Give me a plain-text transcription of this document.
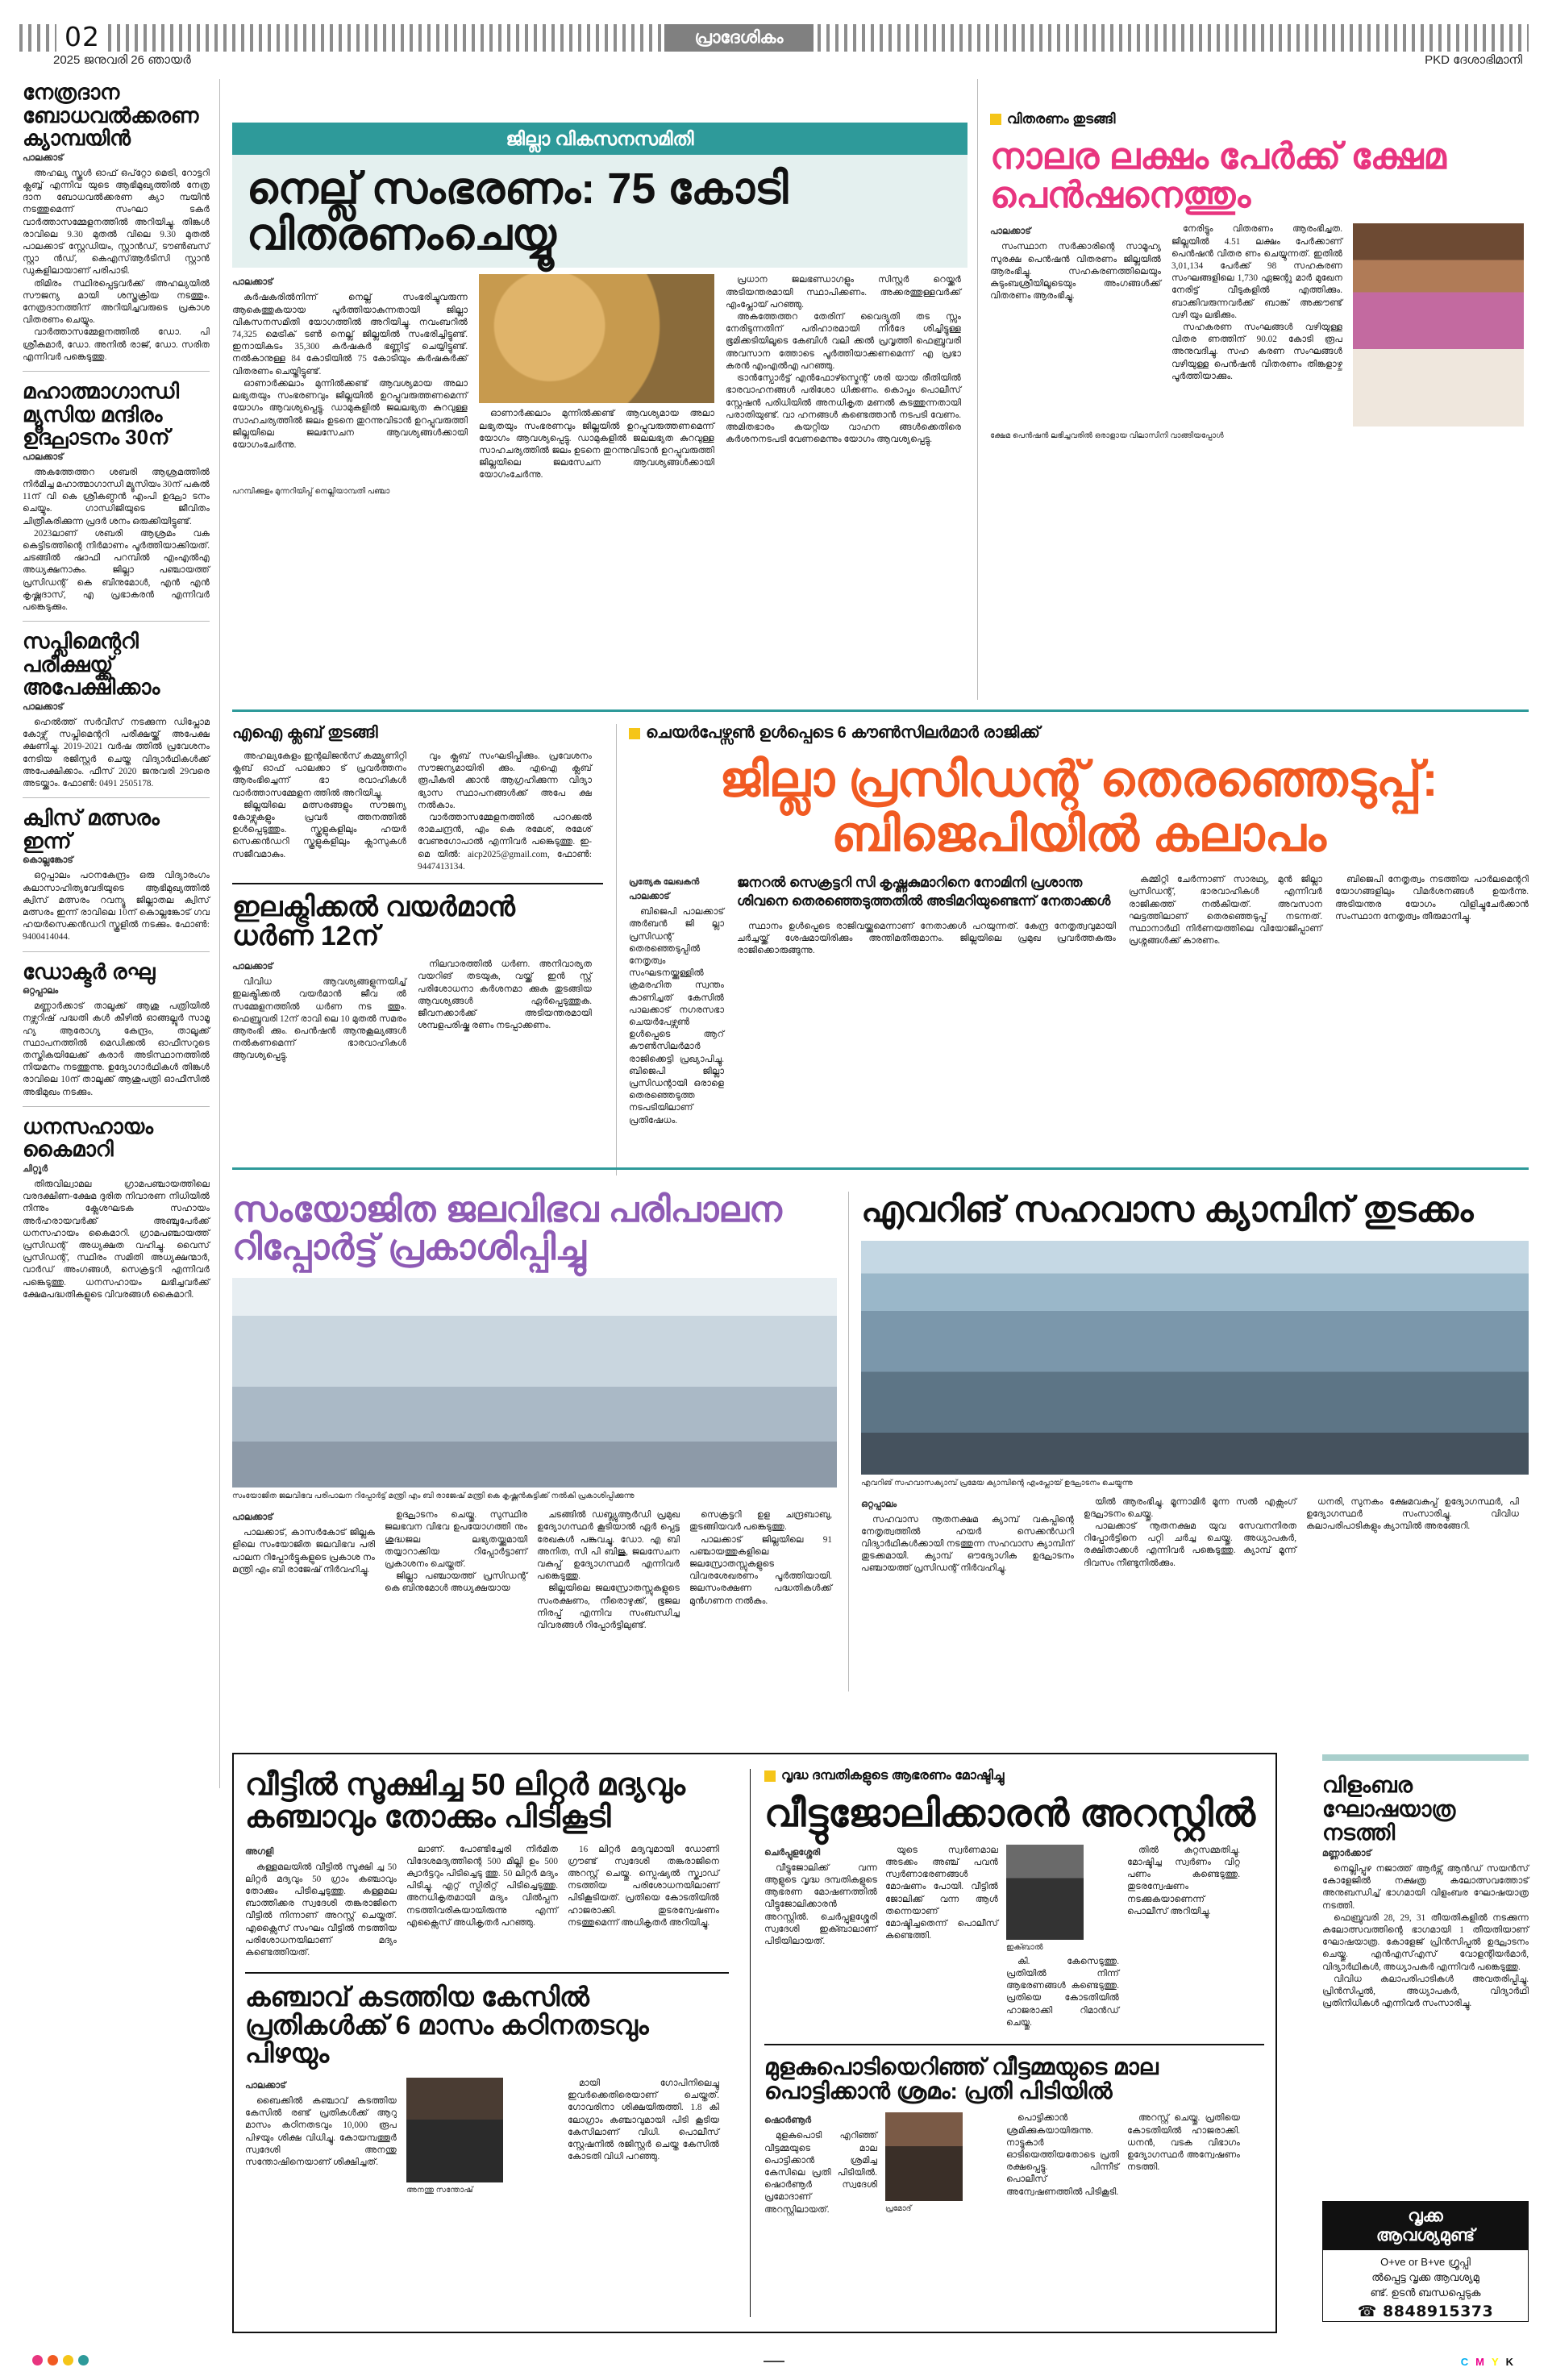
02	പ്രാദേശികം
2025 ജനുവരി 26 ഞായർ	PKD ദേശാഭിമാനി
നേത്രദാന ബോധവൽക്കരണ ക്യാമ്പയിൻ
പാലക്കാട്

അഹല്യ സ്കൂൾ ഓഫ് ഒപ്‌റ്റോ മെട്രി, റോട്ടറി ക്ലബ്ബ് എന്നിവ യുടെ ആഭിമുഖ്യത്തിൽ നേത്ര ദാന ബോധവൽക്കരണ ക്യാ മ്പയിൻ നടത്തുമെന്ന് സംഘാ ടകർ വാർത്താസമ്മേളനത്തിൽ അറിയിച്ചു. തിങ്കൾ രാവിലെ 9.30 മുതൽ വിലെ 9.30 മുതൽ പാലക്കാട് സ്റ്റേഡിയം, സ്റ്റാൻഡ്, ടൗൺബസ് സ്റ്റാ ൻഡ്, കെഎസ്ആർടിസി സ്റ്റാൻ ഡുകളിലായാണ് പരിപാടി.

തിമിരം സ്ഥിരപ്പെട്ടവർക്ക് അഹല്യയിൽ സൗജന്യ മായി ശസ്ത്രക്രിയ നടത്തും. നേത്രദാനത്തിന് അറിയിച്ചവരുടെ പ്രകാശ വിതരണം ചെയ്യും.

വാർത്താസമ്മേളനത്തിൽ ഡോ. പി ശ്രീകുമാർ, ഡോ. അനിൽ രാജ്, ഡോ. സരിത എന്നിവർ പങ്കെടുത്തു.

മഹാത്മാഗാന്ധി മ്യൂസിയ മന്ദിരം ഉദ്ഘാടനം 30ന്
പാലക്കാട്

അകത്തേത്തറ ശബരി ആശ്രമത്തിൽ നിർമിച്ച മഹാത്മാഗാന്ധി മ്യൂസിയം 30ന് പകൽ 11ന് വി കെ ശ്രീകണ്ഠൻ എംപി ഉദ്ഘാ ടനം ചെയ്യും. ഗാന്ധിജിയുടെ ജീവിതം ചിത്രീകരിക്കുന്ന പ്രദർ ശനം ഒരുക്കിയിട്ടുണ്ട്.

2023ലാണ് ശബരി ആശ്രമം വക കെട്ടിടത്തിന്റെ നിർമാണം പൂർത്തിയാക്കിയത്. ചടങ്ങിൽ ഷാഫി പറമ്പിൽ എംഎൽഎ അധ്യക്ഷനാകും. ജില്ലാ പഞ്ചായത്ത് പ്രസിഡന്റ് കെ ബിനുമോൾ, എൻ എൻ കൃഷ്ണദാസ്, എ പ്രഭാകരൻ എന്നിവർ പങ്കെടുക്കും.

സപ്ലിമെന്ററി പരീക്ഷയ്ക്ക് അപേക്ഷിക്കാം
പാലക്കാട്

ഹെൽത്ത് സർവീസ് നടക്കുന്ന ഡിപ്ലോമ കോഴ്സ് സപ്ലിമെന്ററി പരീക്ഷയ്ക്ക് അപേക്ഷ ക്ഷണിച്ചു. 2019-2021 വർഷ ത്തിൽ പ്രവേശനം നേടിയ രജിസ്റ്റർ ചെയ്ത വിദ്യാർഥികൾക്ക് അപേക്ഷിക്കാം. ഫീസ് 2020 ജനുവരി 29വരെ അടയ്ക്കാം. ഫോൺ: 0491 2505178.

ക്വിസ് മത്സരം ഇന്ന്
കൊല്ലങ്കോട്

ഒറ്റപ്പാലം പഠനകേന്ദ്രം ഒരു വിദ്യാരംഗം കലാസാഹിത്യവേദിയുടെ ആഭിമുഖ്യത്തിൽ ക്വിസ് മത്സരം റവന്യൂ ജില്ലാതല ക്വിസ് മത്സരം ഇന്ന് രാവിലെ 10ന് കൊല്ലങ്കോട് ഗവ ഹയർസെക്കൻഡറി സ്കൂളിൽ നടക്കും. ഫോൺ: 9400414044.

ഡോക്ടർ രഘു
ഒറ്റപ്പാലം

മണ്ണാർക്കാട് താലൂക്ക് ആശു പത്രിയിൽ നഴ്സറിഷ് പദ്ധതി കൾ കീഴിൽ ഓങ്ങല്ലൂർ സാമൂ ഹ്യ ആരോഗ്യ കേന്ദ്രം, താലൂക്ക് സ്ഥാപനത്തിൽ മെഡിക്കൽ ഓഫീസറുടെ തസ്തികയിലേക്ക് കരാർ അടിസ്ഥാനത്തിൽ നിയമനം നടത്തുന്നു. ഉദ്യോഗാർഥികൾ തിങ്കൾ രാവിലെ 10ന് താലൂക്ക് ആശുപത്രി ഓഫീസിൽ അഭിമുഖം നടക്കും.

ധനസഹായം കൈമാറി
ചിറ്റൂർ

തിരുവില്വാമല ഗ്രാമപഞ്ചായത്തിലെ വരദക്ഷിണ-ക്ഷേമ ദുരിത നിവാരണ നിധിയിൽ നിന്നും ക്ലേശഘടക സഹായം അർഹരായവർക്ക് അഞ്ചുപേർക്ക് ധനസഹായം കൈമാറി. ഗ്രാമപഞ്ചായത്ത് പ്രസിഡന്റ് അധ്യക്ഷത വഹിച്ചു. വൈസ് പ്രസിഡന്റ്, സ്ഥിരം സമിതി അധ്യക്ഷന്മാർ, വാർഡ് അംഗങ്ങൾ, സെക്രട്ടറി എന്നിവർ പങ്കെടുത്തു. ധനസഹായം ലഭിച്ചവർക്ക് ക്ഷേമപദ്ധതികളുടെ വിവരങ്ങൾ കൈമാറി.

ജില്ലാ വികസനസമിതി
നെല്ല് സംഭരണം: 75 കോടി വിതരണംചെയ്യൂ
പാലക്കാട്

കർഷകരിൽനിന്ന് നെല്ല് സംഭരിച്ചുവരുന്ന ആകെത്തുകയായ പൂർത്തിയാകുന്നതായി ജില്ലാ വികസനസമിതി യോഗത്തിൽ അറിയിച്ചു. നവംബറിൽ 74,325 മെട്രിക് ടൺ നെല്ല് ജില്ലയിൽ സംഭരിച്ചിട്ടുണ്ട്. ഇനായികടം 35,300 കർഷകർ ഭണ്ണിട്ട് ചെയ്യിട്ടുണ്ട്. നൽകാനുള്ള 84 കോടിയിൽ 75 കോടിയും കർഷകർക്ക് വിതരണം ചെയ്തിട്ടുണ്ട്.

ഓണാർക്കലാം മുന്നിൽക്കണ്ട് ആവശ്യമായ അലാ ലഭ്യതയും സംഭരണവും ജില്ലയിൽ ഉറപ്പുവരുത്തണമെന്ന് യോഗം ആവശ്യപ്പെട്ടു. ഡാമുകളിൽ ജലലഭ്യത കുറവുള്ള സാഹചര്യത്തിൽ ജലം ഉടനെ തുറന്നുവിടാൻ ഉറപ്പുവരുത്തി ജില്ലയിലെ ജലസേചന ആവശ്യങ്ങൾക്കായി യോഗംചേർന്നു.

ഓണാർക്കലാം മുന്നിൽക്കണ്ട് ആവശ്യമായ അലാ ലഭ്യതയും സംഭരണവും ജില്ലയിൽ ഉറപ്പുവരുത്തണമെന്ന് യോഗം ആവശ്യപ്പെട്ടു. ഡാമുകളിൽ ജലലഭ്യത കുറവുള്ള സാഹചര്യത്തിൽ ജലം ഉടനെ തുറന്നുവിടാൻ ഉറപ്പുവരുത്തി ജില്ലയിലെ ജലസേചന ആവശ്യങ്ങൾക്കായി യോഗംചേർന്നു.

പ്രധാന ജലഭണ്ഡാഗളും സിസ്റ്റർ റെയ്ക്കർ അടിയന്തരമായി സ്ഥാപിക്കണം. അക്കരത്തുള്ളവർക്ക് എംപ്ലോയ് പറഞ്ഞു.

അകത്തേത്തറ തേരിന് വൈദ്യുതി തട സ്സം നേരിടുന്നതിന് പരിഹാരമായി നിർദേ ശിച്ചിട്ടുള്ള ഭൂമിക്കടിയിലൂടെ കേബിൾ വലി ക്കൽ പ്രവൃത്തി ഫെബ്രുവരി അവസാന ത്തോടെ പൂർത്തിയാക്കണമെന്ന് എ പ്രഭാ കരൻ എംഎൽഎ പറഞ്ഞു.

ട്രാൻസ്പോർട്ട് എൻഫോഴ്സ്മെന്റ് ശരി യായ രീതിയിൽ ഭാരവാഹനങ്ങൾ പരിശോ ധിക്കണം. കൊപ്പം പൊലീസ് സ്റ്റേഷൻ പരിധിയിൽ അനധികൃത മണൽ കടത്തുന്നതായി പരാതിയുണ്ട്. വാ ഹനങ്ങൾ കണ്ടെത്താൻ നടപടി വേണം. അമിതഭാരം കയറ്റിയ വാഹന ങ്ങൾക്കെതിരെ കർശനനടപടി വേണമെന്നും യോഗം ആവശ്യപ്പെട്ടു.

പറമ്പിക്കുളം മുന്നറിയിപ്പ് നെല്ലിയാമ്പതി പഞ്ചാ
വിതരണം തുടങ്ങി
നാലര ലക്ഷം പേർക്ക് ക്ഷേമ പെൻഷനെത്തും
പാലക്കാട്

സംസ്ഥാന സർക്കാരിന്റെ സാമൂഹ്യ സുരക്ഷ പെൻഷൻ വിതരണം ജില്ലയിൽ ആരംഭിച്ചു. സഹകരണത്തിലെയും കുടുംബശ്രീയിലൂടെയും അംഗങ്ങൾക്ക് വിതരണം ആരംഭിച്ചു.

നേരിട്ടും വിതരണം ആരംഭിച്ചത. ജില്ലയിൽ 4.51 ലക്ഷം പേർക്കാണ് പെൻഷൻ വിതര ണം ചെയ്യുന്നത്. ഇതിൽ 3,01,134 പേർക്ക് 98 സഹകരണ സംഘങ്ങളിലെ 1,730 ഏജന്റു മാർ മുഖേന നേരിട്ട് വീടുകളിൽ എത്തിക്കും. ബാക്കിവരുന്നവർക്ക് ബാങ്ക് അക്കൗണ്ട് വഴി യും ലഭിക്കും.

സഹകരണ സംഘങ്ങൾ വഴിയുള്ള വിതര ണത്തിന് 90.02 കോടി രൂപ അനുവദിച്ചു. സഹ കരണ സംഘങ്ങൾ വഴിയുള്ള പെൻഷൻ വിതരണം തിങ്കളാഴ്ച പൂർത്തിയാക്കും.

ക്ഷേമ പെൻഷൻ ലഭിച്ചവരിൽ ഒരാളായ വിലാസിനി വാങ്ങിയപ്പോൾ
എഐ ക്ലബ് തുടങ്ങി

അഹല്യകേളം ഇന്റലിജൻസ് കമ്മ്യൂണിറ്റി ക്ലബ് ഓഫ് പാലക്കാ ട് പ്രവർത്തനം ആരംഭിച്ചെന്ന് ഭാ രവാഹികൾ വാർത്താസമ്മേളന ത്തിൽ അറിയിച്ചു.

ജില്ലയിലെ മത്സരങ്ങളും സൗജന്യ കോഴ്സുകളും പ്രവർ ത്തനത്തിൽ ഉൾപ്പെടുത്തും. സ്കൂളുകളിലും ഹയർ സെക്കൻഡറി സ്കൂളുകളിലും ക്ലാസുകൾ സജീവമാകും.

വും ക്ലബ് സംഘടിപ്പിക്കും. പ്രവേശനം സൗജന്യമായിരി ക്കും. എഐ ക്ലബ് രൂപീകരി ക്കാൻ ആഗ്രഹിക്കുന്ന വിദ്യാ ഭ്യാസ സ്ഥാപനങ്ങൾക്ക് അപേ ക്ഷ നൽകാം.

വാർത്താസമ്മേളനത്തിൽ പാറക്കൽ രാമചന്ദ്രൻ, എം കെ രമേശ്, രമേശ് വേണുഗോപാൽ എന്നിവർ പങ്കെടുത്തു. ഇ-മെ യിൽ: aicp2025@gmail.com, ഫോൺ: 9447413134.

ഇലക്ട്രിക്കൽ വയർമാൻ ധർണ 12ന്
പാലക്കാട്

വിവിധ ആവശ്യങ്ങളുന്നയിച്ച് ഇലക്ട്രിക്കൽ വയർമാൻ ജീവ ൽ സമ്മേളനത്തിൽ ധർണ നട ത്തും. ഫെബ്രുവരി 12ന് രാവി ലെ 10 മുതൽ സമരം ആരംഭി ക്കും. പെൻഷൻ ആനുകൂല്യങ്ങൾ നൽകണമെന്ന് ഭാരവാഹികൾ ആവശ്യപ്പെട്ടു.

നിലവാരത്തിൽ ധർണ. അനിവാര്യത വയറിങ് തടയുക, വയ്ക്ക് ഇൻ സ്റ്റ് പരിശോധനാ കർശനമാ ക്കുക തുടങ്ങിയ ആവശ്യങ്ങൾ ഏർപ്പെടുത്തുക. ജീവനക്കാർക്ക് അടിയന്തരമായി ശമ്പളപരിഷ്ക രണം നടപ്പാക്കണം.

ചെയർപേഴ്സൺ ഉൾപ്പെടെ 6 കൗൺസിലർമാർ രാജിക്ക്
ജില്ലാ പ്രസിഡന്റ് തെരഞ്ഞെടുപ്പ്:
ബിജെപിയിൽ കലാപം
പ്രത്യേക ലേഖകൻ
പാലക്കാട്

ബിജെപി പാലക്കാട് അർബൻ ജി ല്ലാ പ്രസിഡന്റ് തെരഞ്ഞെടുപ്പിൽ നേതൃത്വം സംഘടനയ്ക്കുള്ളിൽ ക്രമരഹിത സ്വന്തം കാണിച്ചത് കേസിൽ പാലക്കാട് നഗരസഭാ ചെയർപേഴ്സൺ ഉൾപ്പെടെ ആറ് കൗൺസിലർമാർ രാജിക്കെട്ടി പ്രഖ്യാപിച്ചു. ബിജെപി ജില്ലാ പ്രസിഡന്റായി ഒരാളെ തെരഞ്ഞെടുത്ത നടപടിയിലാണ് പ്രതിഷേധം.

ജനറൽ സെക്രട്ടറി സി കൃഷ്ണകുമാറിനെ നോമിനി പ്രശാന്ത ശിവനെ തെരഞ്ഞെടുത്തതിൽ അടിമറിയുണ്ടെന്ന് നേതാക്കൾ

സ്ഥാനം ഉൾപ്പെടെ രാജിവയ്ക്കുമെന്നാണ് നേതാക്കൾ പറയുന്നത്. കേന്ദ്ര നേതൃത്വവുമായി ചർച്ചയ്ക്ക് ശേഷമായിരിക്കും അന്തിമതീരുമാനം. ജില്ലയിലെ പ്രമുഖ പ്രവർത്തകരും രാജിക്കൊരുങ്ങുന്നു.

കമ്മിറ്റി ചേർന്നാണ് സാരഥ്യ, മുൻ ജില്ലാ പ്രസിഡന്റ്, ഭാരവാഹികൾ എന്നിവർ രാജിക്കത്ത് നൽകിയത്. അവസാന ഘട്ടത്തിലാണ് തെരഞ്ഞെടുപ്പ് നടന്നത്. സ്ഥാനാർഥി നിർണയത്തിലെ വിയോജിപ്പാണ് പ്രശ്നങ്ങൾക്ക് കാരണം.

ബിജെപി നേതൃത്വം നടത്തിയ പാർലമെന്ററി യോഗങ്ങളിലും വിമർശനങ്ങൾ ഉയർന്നു. അടിയന്തര യോഗം വിളിച്ചുചേർക്കാൻ സംസ്ഥാന നേതൃത്വം തീരുമാനിച്ചു.

സംയോജിത ജലവിഭവ പരിപാലന റിപ്പോർട്ട് പ്രകാശിപ്പിച്ചു
സംയോജിത ജലവിഭവ പരിപാലന റിപ്പോർട്ട് മന്ത്രി എം ബി രാജേഷ് മന്ത്രി കെ കൃഷ്ണൻകുട്ടിക്ക് നൽകി പ്രകാശിപ്പിക്കുന്നു
പാലക്കാട്

പാലക്കാട്, കാസർകോട് ജില്ലക ളിലെ സംയോജിത ജലവിഭവ പരി പാലന റിപ്പോർട്ടുകളുടെ പ്രകാശ നം മന്ത്രി എം ബി രാജേഷ് നിർവഹിച്ചു.

ഉദ്ഘാടനം ചെയ്തു. സുസ്ഥിര ജലഭവന വിഭവ ഉപയോഗത്തി നും ശുദ്ധജല ലഭ്യതയ്ക്കുമായി തയ്യാറാക്കിയ റിപ്പോർട്ടാണ് പ്രകാശനം ചെയ്തത്.

ജില്ലാ പഞ്ചായത്ത് പ്രസിഡന്റ് കെ ബിനുമോൾ അധ്യക്ഷയായ

ചടങ്ങിൽ ഡബ്ല്യുആർഡി പ്രമുഖ ഉദ്യോഗസ്ഥർ കൂടിയാൽ ഏർ പ്പെട്ട രേഖകൾ പങ്കുവച്ചു. ഡോ. എ ബി അനിത, സി പി ബിജു, ജലസേചന വകുപ്പ് ഉദ്യോഗസ്ഥർ എന്നിവർ പങ്കെടുത്തു.

ജില്ലയിലെ ജലസ്രോതസ്സുകളുടെ സംരക്ഷണം, നീരൊഴുക്ക്, ഭൂജല നിരപ്പ് എന്നിവ സംബന്ധിച്ച വിവരങ്ങൾ റിപ്പോർട്ടിലുണ്ട്.

സെക്രട്ടറി ഉള ചന്ദ്രബാബു, തുടങ്ങിയവർ പങ്കെടുത്തു.

പാലക്കാട് ജില്ലയിലെ 91 പഞ്ചായത്തുകളിലെ ജലസ്രോതസ്സുകളുടെ വിവരശേഖരണം പൂർത്തിയായി. ജലസംരക്ഷണ പദ്ധതികൾക്ക് മുൻഗണന നൽകും.

എവറിങ് സഹവാസ ക്യാമ്പിന് തുടക്കം
എവറിങ് സഹവാസക്യാമ്പ് പ്രമേയ ക്യാമ്പിന്റെ എംപ്ലോയ് ഉദ്ഘാടനം ചെയ്യുന്നു
ഒറ്റപ്പാലം

സഹവാസ നൂതനക്ഷമ ക്യാമ്പ് വകപ്പിന്റെ നേതൃത്വത്തിൽ ഹയർ സെക്കൻഡറി വിദ്യാർഥികൾക്കായി നടത്തുന്ന സഹവാസ ക്യാമ്പിന് തുടക്കമായി. ക്യാമ്പ് ഔദ്യോഗിക ഉദ്ഘാടനം പഞ്ചായത്ത് പ്രസിഡന്റ് നിർവഹിച്ചു.

യിൽ ആരംഭിച്ചു. മൂന്നാമിർ മൂന്ന സൽ എക്സംഗ് ഉദ്ഘാടനം ചെയ്തു.

പാലക്കാട് നൂതനക്ഷമ യുവ സേവനനിരത റിപ്പോർട്ടിനെ പറ്റി ചർച്ച ചെയ്തു. അധ്യാപകർ, രക്ഷിതാക്കൾ എന്നിവർ പങ്കെടുത്തു. ക്യാമ്പ് മൂന്ന് ദിവസം നീണ്ടുനിൽക്കും.

ധനരി, സുനകം ക്ഷേമവകുപ്പ് ഉദ്യോഗസ്ഥർ, പി ഉദ്യോഗസ്ഥർ സംസാരിച്ചു. വിവിധ കലാപരിപാടികളും ക്യാമ്പിൽ അരങ്ങേറി.

വീട്ടിൽ സൂക്ഷിച്ച 50 ലിറ്റർ മദ്യവും കഞ്ചാവും തോക്കും പിടികൂടി
അഗളി

കള്ളമലയിൽ വീട്ടിൽ സൂക്ഷി ച്ച 50 ലിറ്റർ മദ്യവും 50 ഗ്രാം കഞ്ചാവും തോക്കും പിടിച്ചെടുത്തു. കള്ളമല ബാത്തിക്കര സ്വദേശി തങ്കരാജിനെ വീട്ടിൽ നിന്നാണ് അറസ്റ്റ് ചെയ്തത്. എക്സൈസ് സംഘം വീട്ടിൽ നടത്തിയ പരിശോധനയിലാണ് മദ്യം കണ്ടെത്തിയത്.

ലാണ്. പോണ്ടിച്ചേരി നിർമിത വിദേശമദ്യത്തിന്റെ 500 മില്ലി ഉം 500 ക്വാർട്ടറും പിടിച്ചെടു ത്തു. 50 ലിറ്റർ മദ്യം പിടിച്ചു. എറ്റ് സ്പിരിറ്റ് പിടിച്ചെടുത്തു. അനധികൃതമായി മദ്യം വിൽപ്പന നടത്തിവരികയായിരുന്നു എന്ന് എക്സൈസ് അധികൃതർ പറഞ്ഞു.

16 ലിറ്റർ മദ്യവുമായി ഡോണി ഗ്രൗണ്ട് സ്വദേശി തങ്കരാജിനെ അറസ്റ്റ് ചെയ്തു. സ്പെഷ്യൽ സ്ക്വാഡ് നടത്തിയ പരിശോധനയിലാണ് പിടികൂടിയത്. പ്രതിയെ കോടതിയിൽ ഹാജരാക്കി. തുടരന്വേഷണം നടത്തുമെന്ന് അധികൃതർ അറിയിച്ചു.

കഞ്ചാവ് കടത്തിയ കേസിൽ പ്രതികൾക്ക് 6 മാസം കഠിനതടവും പിഴയും
പാലക്കാട്

ബൈക്കിൽ കഞ്ചാവ് കടത്തിയ കേസിൽ രണ്ട് പ്രതികൾക്ക് ആറു മാസം കഠിനതടവും 10,000 രൂപ പിഴയും ശിക്ഷ വിധിച്ചു. കോയമ്പത്തൂർ സ്വദേശി അനന്തു സന്തോഷിനെയാണ് ശിക്ഷിച്ചത്.

അനന്തു സന്തോഷ്

മായി ഗോപിനിലെച്ചു ഇവർക്കെതിരെയാണ് ചെയ്തത്. ഗോവരിനാ ശിക്ഷയിരുത്തി. 1.8 കി ലോഗ്രാം കഞ്ചാവുമായി പിടി കൂടിയ കേസിലാണ് വിധി. പൊലീസ് സ്റ്റേഷനിൽ രജിസ്റ്റർ ചെയ്ത കേസിൽ കോടതി വിധി പറഞ്ഞു.

വൃദ്ധ ദമ്പതികളുടെ ആഭരണം മോഷ്ടിച്ചു
വീട്ടുജോലിക്കാരൻ അറസ്റ്റിൽ
ചെർപ്പുളശ്ശേരി

വീട്ടുജോലിക്ക് വന്ന ആളുടെ വൃദ്ധ ദമ്പതികളുടെ ആഭരണ മോഷണത്തിൽ വീട്ടുജോലിക്കാരൻ അറസ്റ്റിൽ. ചെർപ്പുളശ്ശേരി സ്വദേശി ഇക്ബാലാണ് പിടിയിലായത്.

യുടെ സ്വർണമാല അടക്കം അഞ്ച് പവൻ സ്വർണാഭരണങ്ങൾ മോഷണം പോയി. വീട്ടിൽ ജോലിക്ക് വന്ന ആൾ തന്നെയാണ് മോഷ്ടിച്ചതെന്ന് പൊലീസ് കണ്ടെത്തി.

ഇക്ബാൽ

കി. കേസെടുത്തു. പ്രതിയിൽ നിന്ന് ആഭരണങ്ങൾ കണ്ടെടുത്തു. പ്രതിയെ കോടതിയിൽ ഹാജരാക്കി റിമാൻഡ് ചെയ്തു.

തിൽ കുറ്റസമ്മതിച്ചു. മോഷ്ടിച്ച സ്വർണം വിറ്റ പണം കണ്ടെടുത്തു. തുടരന്വേഷണം നടക്കുകയാണെന്ന് പൊലീസ് അറിയിച്ചു.

മുളകുപൊടിയെറിഞ്ഞ് വീട്ടമ്മയുടെ മാല പൊട്ടിക്കാൻ ശ്രമം: പ്രതി പിടിയിൽ
ഷൊർണൂർ

മുളകുപൊടി എറിഞ്ഞ് വീട്ടമ്മയുടെ മാല പൊട്ടിക്കാൻ ശ്രമിച്ച കേസിലെ പ്രതി പിടിയിൽ. ഷൊർണൂർ സ്വദേശി പ്രമോദാണ് അറസ്റ്റിലായത്.	പ്രമോദ്

പൊട്ടിക്കാൻ ശ്രമിക്കുകയായിരുന്നു. നാട്ടുകാർ ഓടിയെത്തിയതോടെ പ്രതി രക്ഷപ്പെട്ടു. പിന്നീട് പൊലീസ് അന്വേഷണത്തിൽ പിടികൂടി.

അറസ്റ്റ് ചെയ്തു. പ്രതിയെ കോടതിയിൽ ഹാജരാക്കി. ധനൻ, വടക വിഭാഗം ഉദ്യോഗസ്ഥർ അന്വേഷണം നടത്തി.

വിളംബര ഘോഷയാത്ര നടത്തി
മണ്ണാർക്കാട്

നെല്ലിപ്പുഴ നജാത്ത് ആർട്സ് ആൻഡ് സയൻസ് കോളേജിൽ നക്ഷത്ര കലോത്സവത്തോട് അനുബന്ധിച്ച് ഭാഗമായി വിളംബര ഘോഷയാത്ര നടത്തി.

ഫെബ്രുവരി 28, 29, 31 തീയതികളിൽ നടക്കുന്ന കലോത്സവത്തിന്റെ ഭാഗമായി 1 തീയതിയാണ് ഘോഷയാത്ര. കോളേജ് പ്രിൻസിപ്പൽ ഉദ്ഘാടനം ചെയ്തു. എൻഎസ്എസ് വോളന്റിയർമാർ, വിദ്യാർഥികൾ, അധ്യാപകർ എന്നിവർ പങ്കെടുത്തു.

വിവിധ കലാപരിപാടികൾ അവതരിപ്പിച്ചു. പ്രിൻസിപ്പൽ, അധ്യാപകർ, വിദ്യാർഥി പ്രതിനിധികൾ എന്നിവർ സംസാരിച്ചു.

വൃക്ക
ആവശ്യമുണ്ട്
O+ve or B+ve ഗ്രൂപ്പി
ൽപ്പെട്ട വൃക്ക ആവശ്യമു
ണ്ട്. ഉടൻ ബന്ധപ്പെടുക
☎ 8848915373
C M Y K
